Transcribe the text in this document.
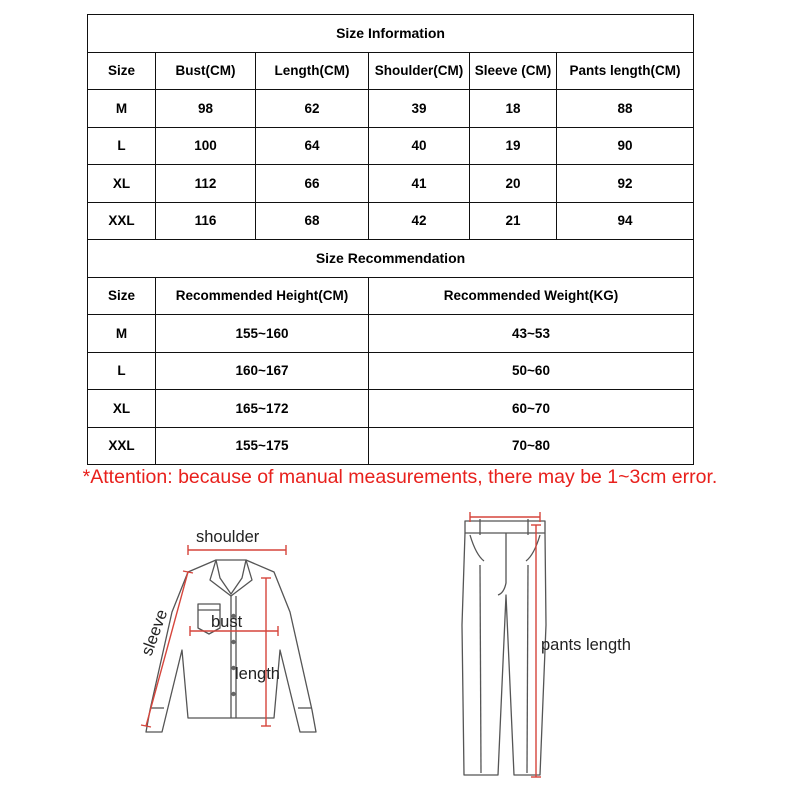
Size Information					
Size	Bust(CM)	Length(CM)	Shoulder(CM)	Sleeve (CM)	Pants length(CM)
M	98	62	39	18	88
L	100	64	40	19	90
XL	112	66	41	20	92
XXL	116	68	42	21	94
Size Recommendation		
Size	Recommended Height(CM)	Recommended Weight(KG)
M	155~160	43~53
L	160~167	50~60
XL	165~172	60~70
XXL	155~175	70~80
*Attention: because of manual measurements, there may be 1~3cm error.
shoulder
bust
length
sleeve	pants length
